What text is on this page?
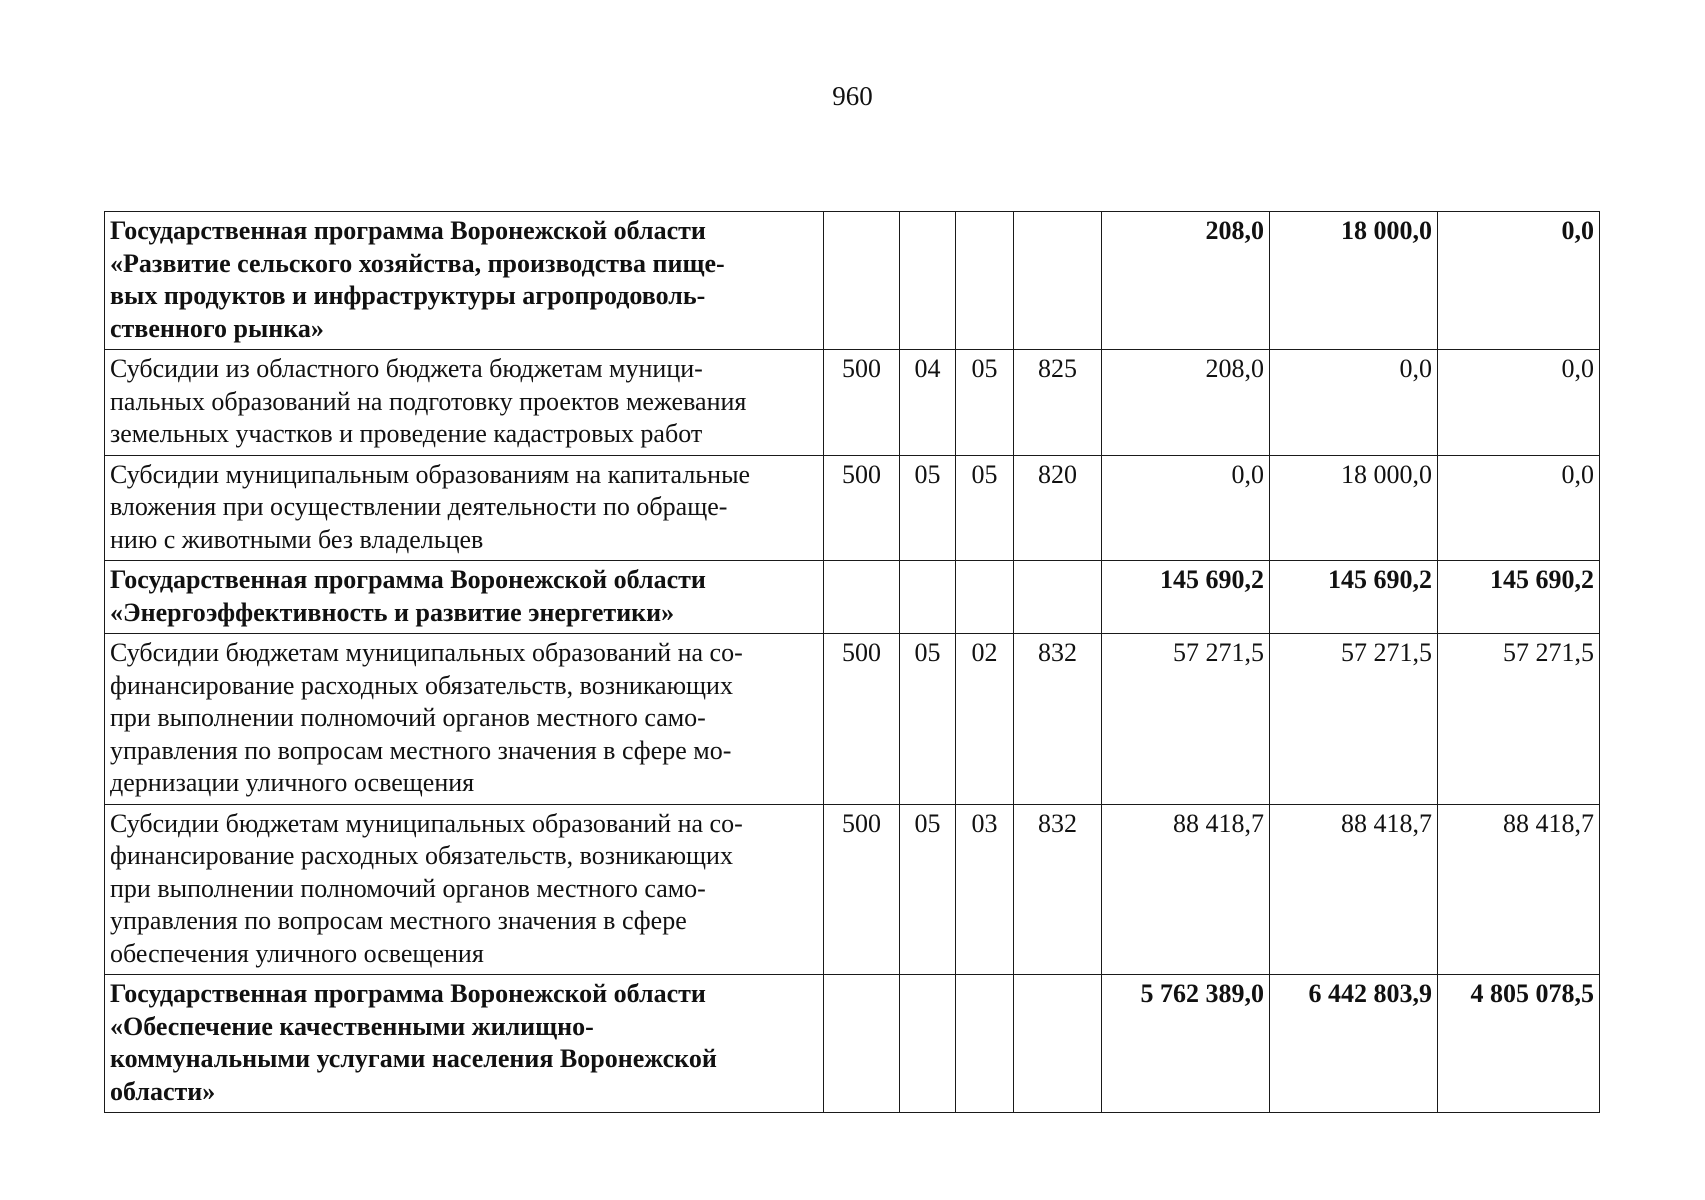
960
Государственная программа Воронежской области
«Развитие сельского хозяйства, производства пище-
вых продуктов и инфраструктуры агропродоволь-
ственного рынка»					208,0	18 000,0	0,0

Субсидии из областного бюджета бюджетам муници-
пальных образований на подготовку проектов межевания
земельных участков и проведение кадастровых работ	500	04	05	825	208,0	0,0	0,0

Субсидии муниципальным образованиям на капитальные
вложения при осуществлении деятельности по обраще-
нию с животными без владельцев	500	05	05	820	0,0	18 000,0	0,0

Государственная программа Воронежской области
«Энергоэффективность и развитие энергетики»					145 690,2	145 690,2	145 690,2

Субсидии бюджетам муниципальных образований на со-
финансирование расходных обязательств, возникающих
при выполнении полномочий органов местного само-
управления по вопросам местного значения в сфере мо-
дернизации уличного освещения	500	05	02	832	57 271,5	57 271,5	57 271,5

Субсидии бюджетам муниципальных образований на со-
финансирование расходных обязательств, возникающих
при выполнении полномочий органов местного само-
управления по вопросам местного значения в сфере
обеспечения уличного освещения	500	05	03	832	88 418,7	88 418,7	88 418,7

Государственная программа Воронежской области
«Обеспечение качественными жилищно-
коммунальными услугами населения Воронежской
области»					5 762 389,0	6 442 803,9	4 805 078,5
